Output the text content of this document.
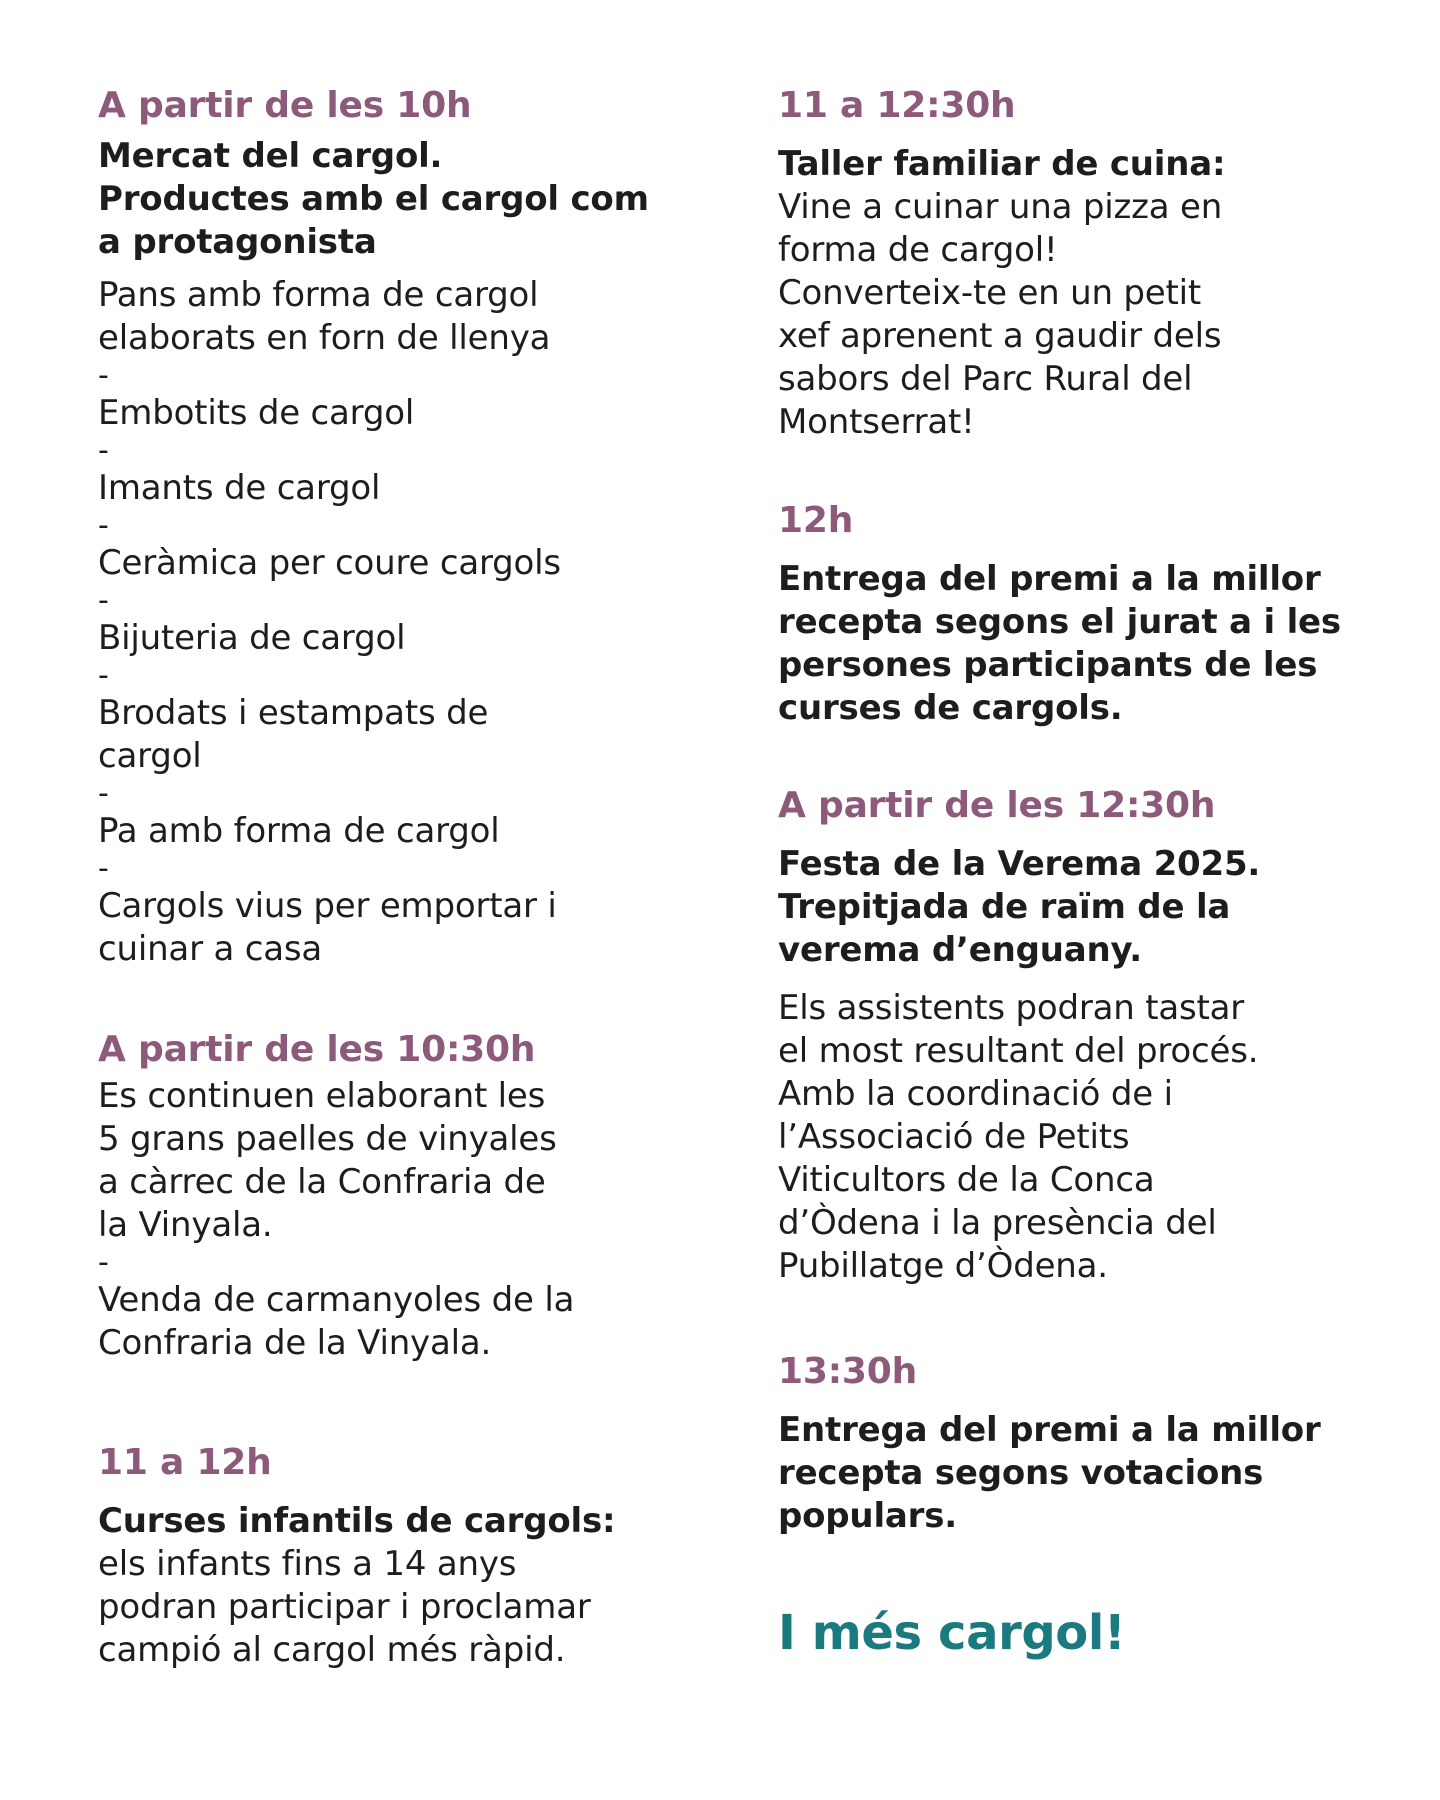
A partir de les 10h
Mercat del cargol.
Productes amb el cargol com
a protagonista
Pans amb forma de cargol
elaborats en forn de llenya
-
Embotits de cargol
-
Imants de cargol
-
Ceràmica per coure cargols
-
Bijuteria de cargol
-
Brodats i estampats de
cargol
-
Pa amb forma de cargol
-
Cargols vius per emportar i
cuinar a casa
A partir de les 10:30h
Es continuen elaborant les
5 grans paelles de vinyales
a càrrec de la Confraria de
la Vinyala.
-
Venda de carmanyoles de la
Confraria de la Vinyala.
11 a 12h
Curses infantils de cargols:
els infants fins a 14 anys
podran participar i proclamar
campió al cargol més ràpid.
11 a 12:30h
Taller familiar de cuina:
Vine a cuinar una pizza en
forma de cargol!
Converteix-te en un petit
xef aprenent a gaudir dels
sabors del Parc Rural del
Montserrat!
12h
Entrega del premi a la millor
recepta segons el jurat a i les
persones participants de les
curses de cargols.
A partir de les 12:30h
Festa de la Verema 2025.
Trepitjada de raïm de la
verema d’enguany.
Els assistents podran tastar
el most resultant del procés.
Amb la coordinació de i
l’Associació de Petits
Viticultors de la Conca
d’Òdena i la presència del
Pubillatge d’Òdena.
13:30h
Entrega del premi a la millor
recepta segons votacions
populars.
I més cargol!
